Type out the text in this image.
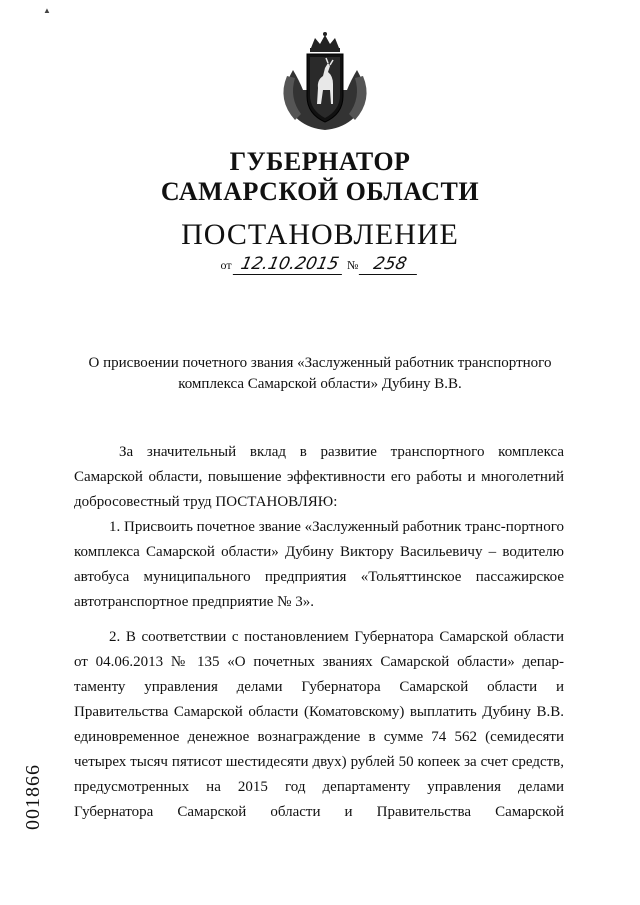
▲
ГУБЕРНАТОР
САМАРСКОЙ ОБЛАСТИ
ПОСТАНОВЛЕНИЕ
от 12.10.2015 № 258
О присвоении почетного звания «Заслуженный работник транспортного комплекса Самарской области» Дубину В.В.
За значительный вклад в развитие транспортного комплекса Самарской области, повышение эффективности его работы и многолетний добросовестный труд ПОСТАНОВЛЯЮ:
1. Присвоить почетное звание «Заслуженный работник транс-портного комплекса Самарской области» Дубину Виктору Васильевичу – водителю автобуса муниципального предприятия «Тольяттинское пассажирское автотранспортное предприятие № 3».
2. В соответствии с постановлением Губернатора Самарской области от 04.06.2013 № 135 «О почетных званиях Самарской области» депар-таменту управления делами Губернатора Самарской области и Правительства Самарской области (Коматовскому) выплатить Дубину В.В. единовременное денежное вознаграждение в сумме 74 562 (семидесяти четырех тысяч пятисот шестидесяти двух) рублей 50 копеек за счет средств, предусмотренных на 2015 год департаменту управления делами Губернатора Самарской области и Правительства Самарской
001866
